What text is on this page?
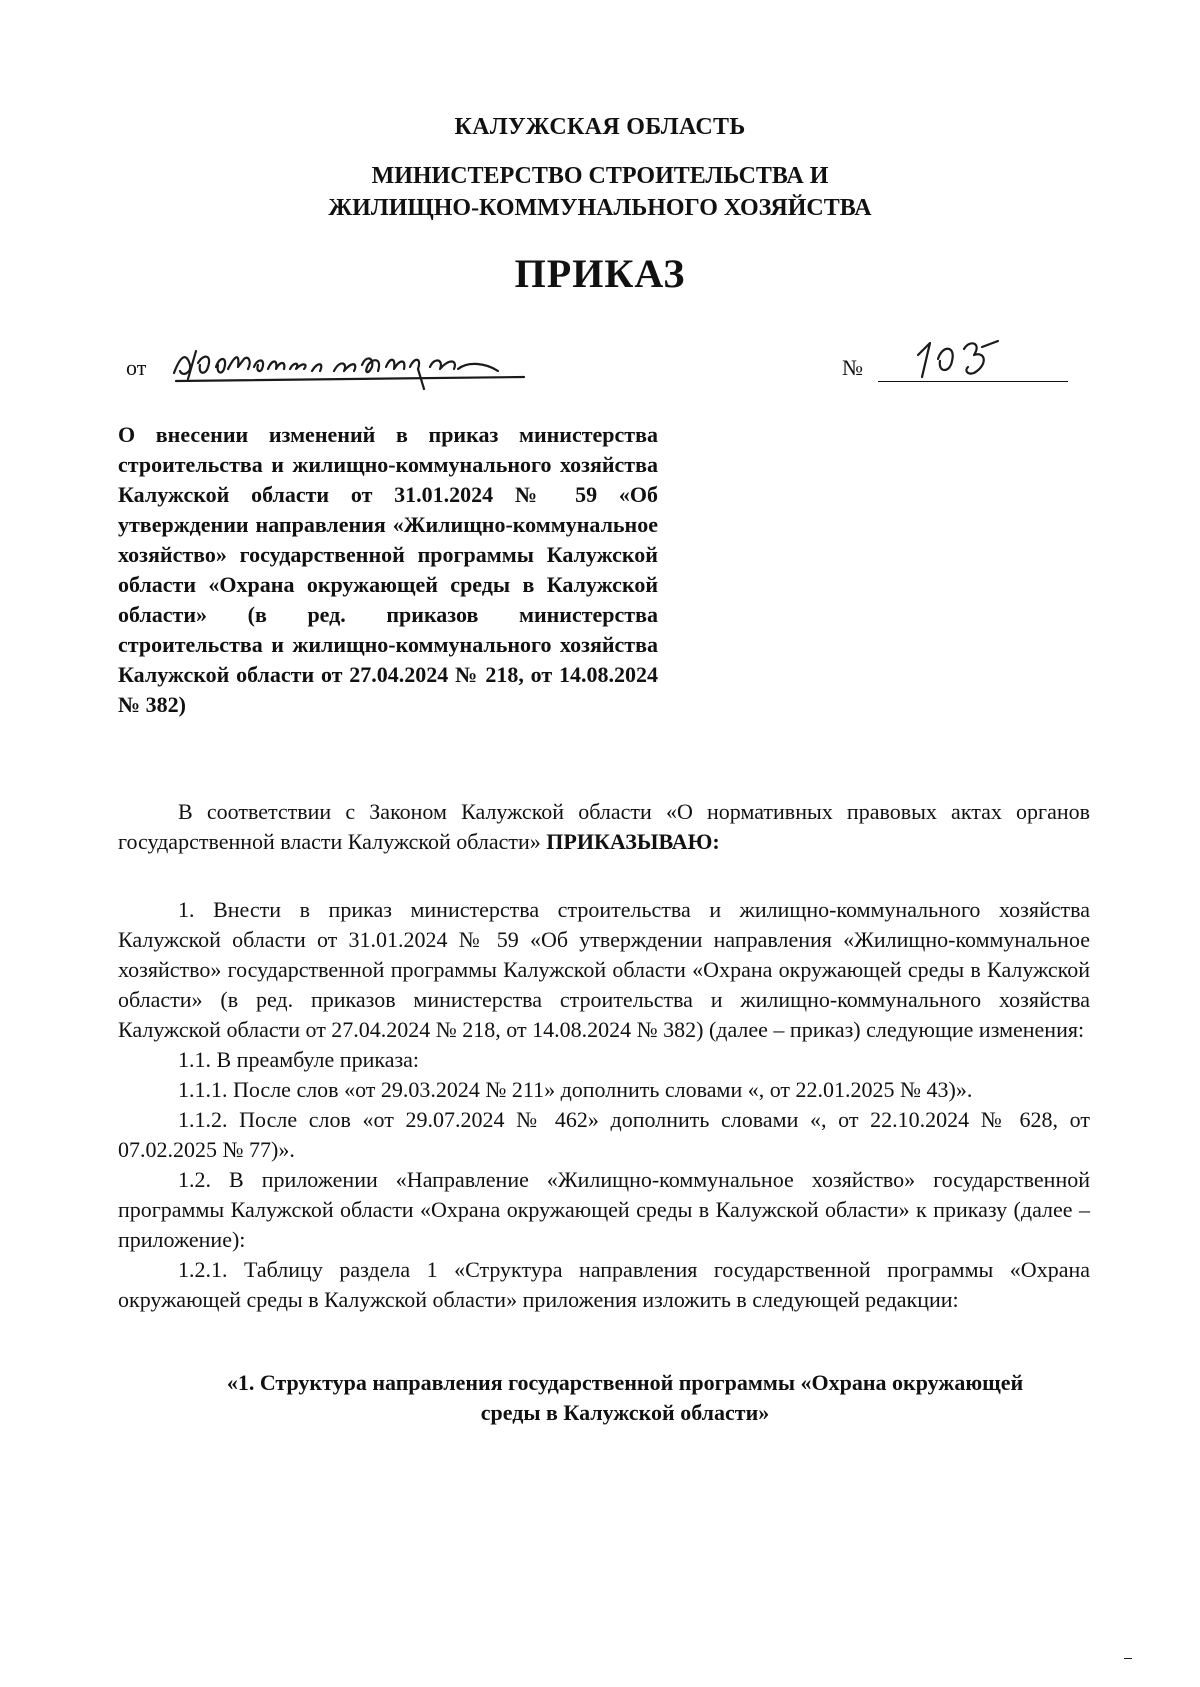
КАЛУЖСКАЯ ОБЛАСТЬ
МИНИСТЕРСТВО СТРОИТЕЛЬСТВА И
ЖИЛИЩНО-КОММУНАЛЬНОГО ХОЗЯЙСТВА
ПРИКАЗ
от	№
О внесении изменений в приказ министерства строительства и жилищно-коммунального хозяйства Калужской области от 31.01.2024 № 59 «Об утверждении направления «Жилищно-коммунальное хозяйство» государственной программы Калужской области «Охрана окружающей среды в Калужской области» (в ред. приказов министерства строительства и жилищно-коммунального хозяйства Калужской области от 27.04.2024 № 218, от 14.08.2024 № 382)

В соответствии с Законом Калужской области «О нормативных правовых актах органов государственной власти Калужской области» ПРИКАЗЫВАЮ:

1. Внести в приказ министерства строительства и жилищно-коммунального хозяйства Калужской области от 31.01.2024 № 59 «Об утверждении направления «Жилищно-коммунальное хозяйство» государственной программы Калужской области «Охрана окружающей среды в Калужской области» (в ред. приказов министерства строительства и жилищно-коммунального хозяйства Калужской области от 27.04.2024 № 218, от 14.08.2024 № 382) (далее – приказ) следующие изменения:

1.1. В преамбуле приказа:

1.1.1. После слов «от 29.03.2024 № 211» дополнить словами «, от 22.01.2025 № 43)».

1.1.2. После слов «от 29.07.2024 № 462» дополнить словами «, от 22.10.2024 № 628, от 07.02.2025 № 77)».

1.2. В приложении «Направление «Жилищно-коммунальное хозяйство» государственной программы Калужской области «Охрана окружающей среды в Калужской области» к приказу (далее – приложение):

1.2.1. Таблицу раздела 1 «Структура направления государственной программы «Охрана окружающей среды в Калужской области» приложения изложить в следующей редакции:

«1. Структура направления государственной программы «Охрана окружающей
среды в Калужской области»
